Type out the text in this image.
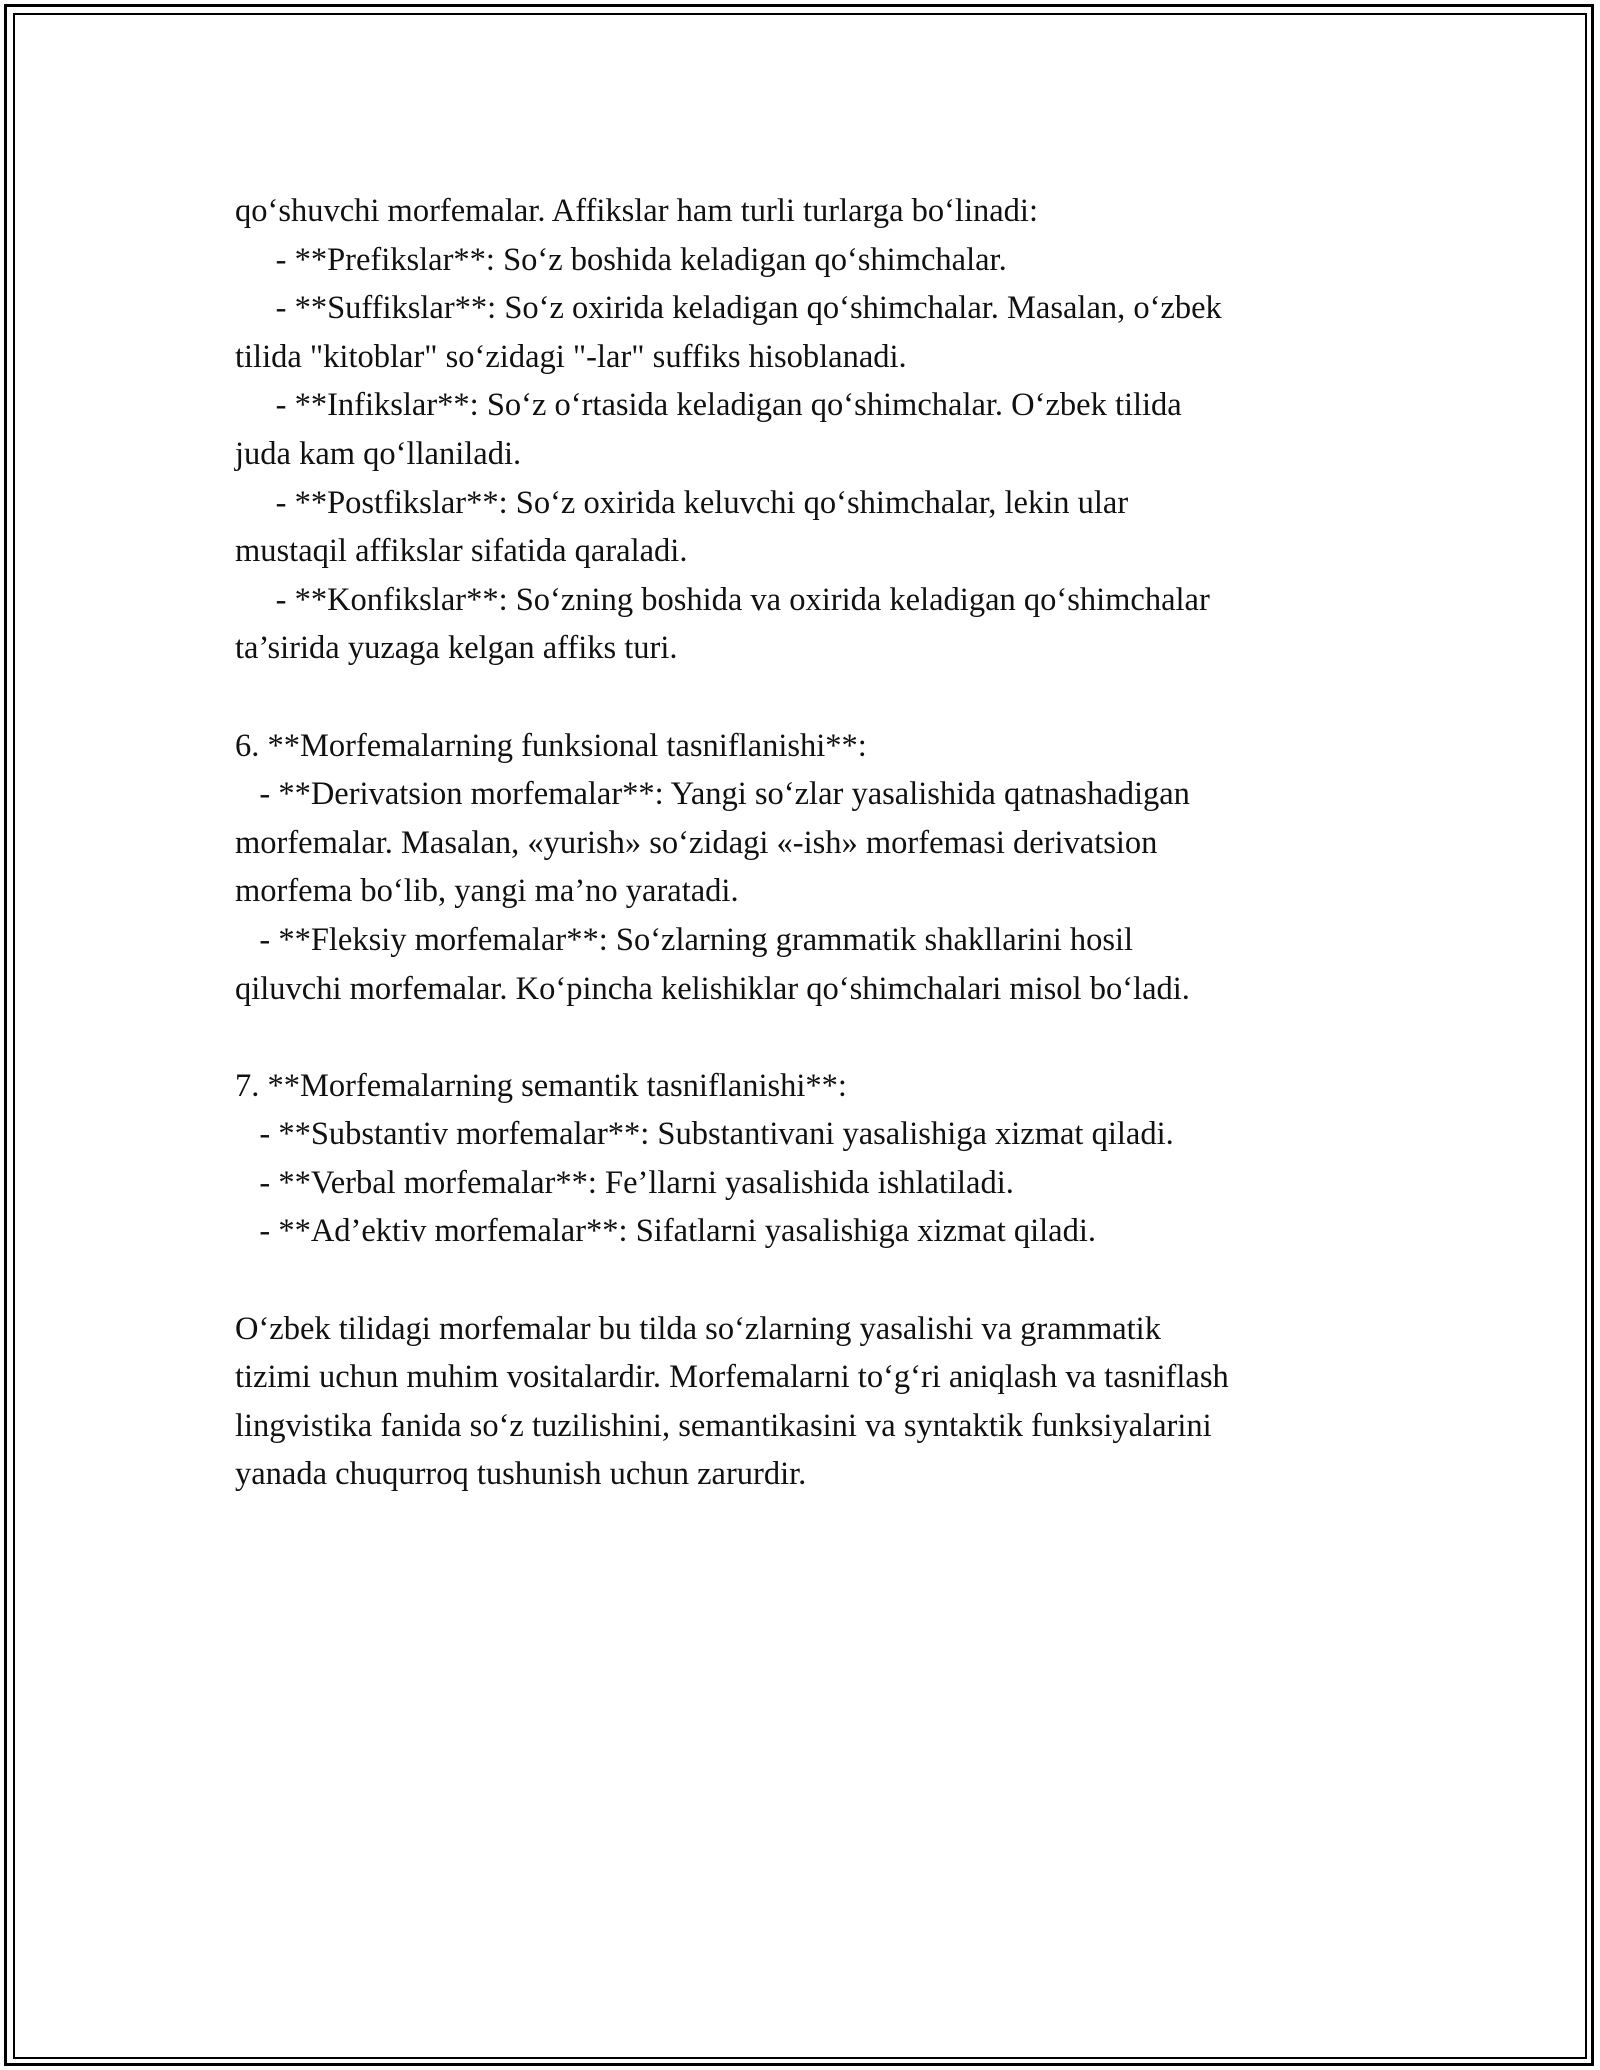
qo‘shuvchi morfemalar. Affikslar ham turli turlarga bo‘linadi:
- **Prefikslar**: So‘z boshida keladigan qo‘shimchalar.
- **Suffikslar**: So‘z oxirida keladigan qo‘shimchalar. Masalan, o‘zbek
tilida "kitoblar" so‘zidagi "-lar" suffiks hisoblanadi.
- **Infikslar**: So‘z o‘rtasida keladigan qo‘shimchalar. O‘zbek tilida
juda kam qo‘llaniladi.
- **Postfikslar**: So‘z oxirida keluvchi qo‘shimchalar, lekin ular
mustaqil affikslar sifatida qaraladi.
- **Konfikslar**: So‘zning boshida va oxirida keladigan qo‘shimchalar
ta’sirida yuzaga kelgan affiks turi.
6. **Morfemalarning funksional tasniflanishi**:
- **Derivatsion morfemalar**: Yangi so‘zlar yasalishida qatnashadigan
morfemalar. Masalan, «yurish» so‘zidagi «-ish» morfemasi derivatsion
morfema bo‘lib, yangi ma’no yaratadi.
- **Fleksiy morfemalar**: So‘zlarning grammatik shakllarini hosil
qiluvchi morfemalar. Ko‘pincha kelishiklar qo‘shimchalari misol bo‘ladi.
7. **Morfemalarning semantik tasniflanishi**:
- **Substantiv morfemalar**: Substantivani yasalishiga xizmat qiladi.
- **Verbal morfemalar**: Fe’llarni yasalishida ishlatiladi.
- **Ad’ektiv morfemalar**: Sifatlarni yasalishiga xizmat qiladi.
O‘zbek tilidagi morfemalar bu tilda so‘zlarning yasalishi va grammatik
tizimi uchun muhim vositalardir. Morfemalarni to‘g‘ri aniqlash va tasniflash
lingvistika fanida so‘z tuzilishini, semantikasini va syntaktik funksiyalarini
yanada chuqurroq tushunish uchun zarurdir.
